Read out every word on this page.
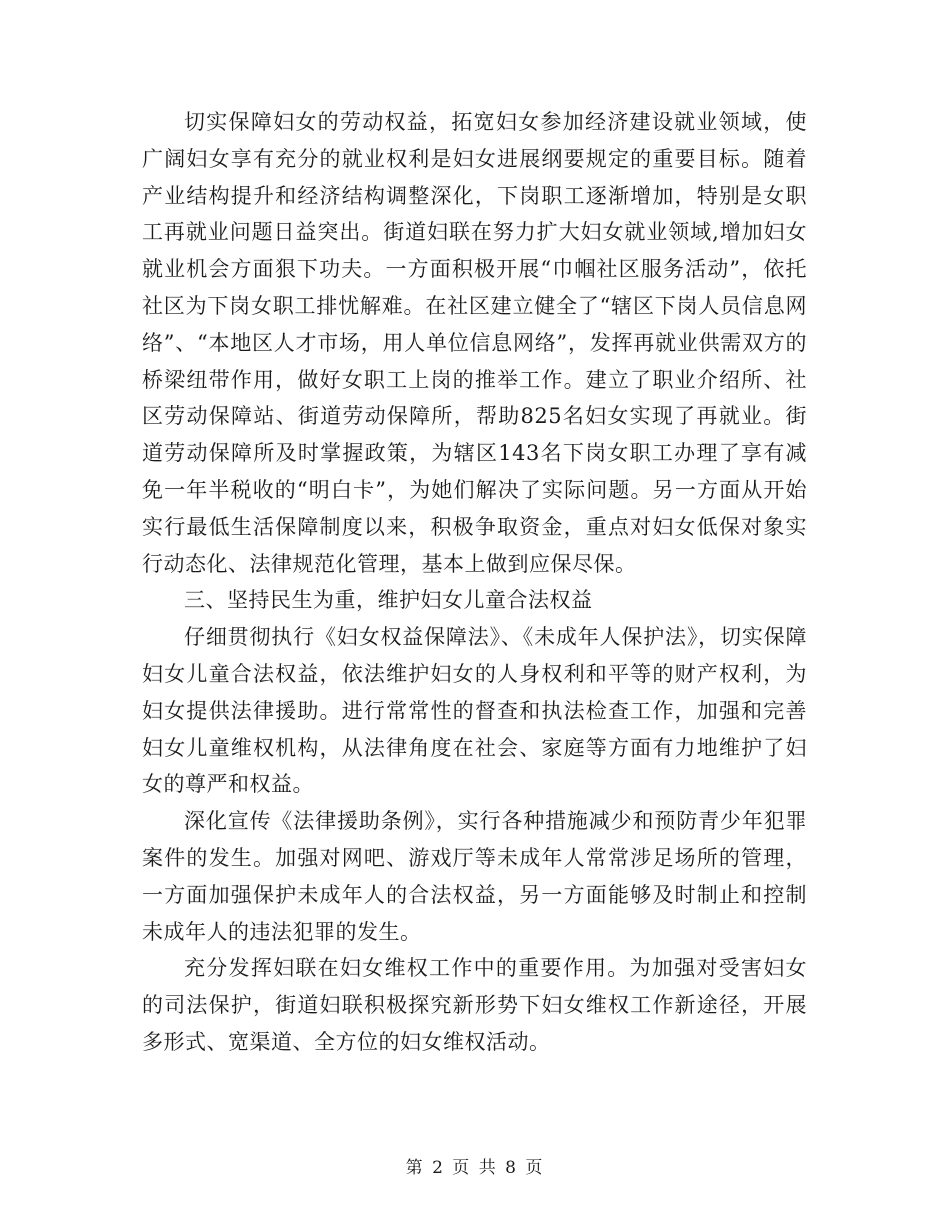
切实保障妇女的劳动权益，拓宽妇女参加经济建设就业领域，使广阔妇女享有充分的就业权利是妇女进展纲要规定的重要目标。随着产业结构提升和经济结构调整深化，下岗职工逐渐增加，特别是女职工再就业问题日益突出。街道妇联在努力扩大妇女就业领域,增加妇女就业机会方面狠下功夫。一方面积极开展“巾帼社区服务活动”，依托社区为下岗女职工排忧解难。在社区建立健全了“辖区下岗人员信息网络”、“本地区人才市场，用人单位信息网络”，发挥再就业供需双方的桥梁纽带作用，做好女职工上岗的推举工作。建立了职业介绍所、社区劳动保障站、街道劳动保障所，帮助825名妇女实现了再就业。街道劳动保障所及时掌握政策，为辖区143名下岗女职工办理了享有减免一年半税收的“明白卡”，为她们解决了实际问题。另一方面从开始实行最低生活保障制度以来，积极争取资金，重点对妇女低保对象实行动态化、法律规范化管理，基本上做到应保尽保。

三、坚持民生为重，维护妇女儿童合法权益

仔细贯彻执行《妇女权益保障法》、《未成年人保护法》，切实保障妇女儿童合法权益，依法维护妇女的人身权利和平等的财产权利，为妇女提供法律援助。进行常常性的督查和执法检查工作，加强和完善妇女儿童维权机构，从法律角度在社会、家庭等方面有力地维护了妇女的尊严和权益。

深化宣传《法律援助条例》，实行各种措施减少和预防青少年犯罪案件的发生。加强对网吧、游戏厅等未成年人常常涉足场所的管理，一方面加强保护未成年人的合法权益，另一方面能够及时制止和控制未成年人的违法犯罪的发生。

充分发挥妇联在妇女维权工作中的重要作用。为加强对受害妇女的司法保护，街道妇联积极探究新形势下妇女维权工作新途径，开展多形式、宽渠道、全方位的妇女维权活动。

第 2 页 共 8 页
